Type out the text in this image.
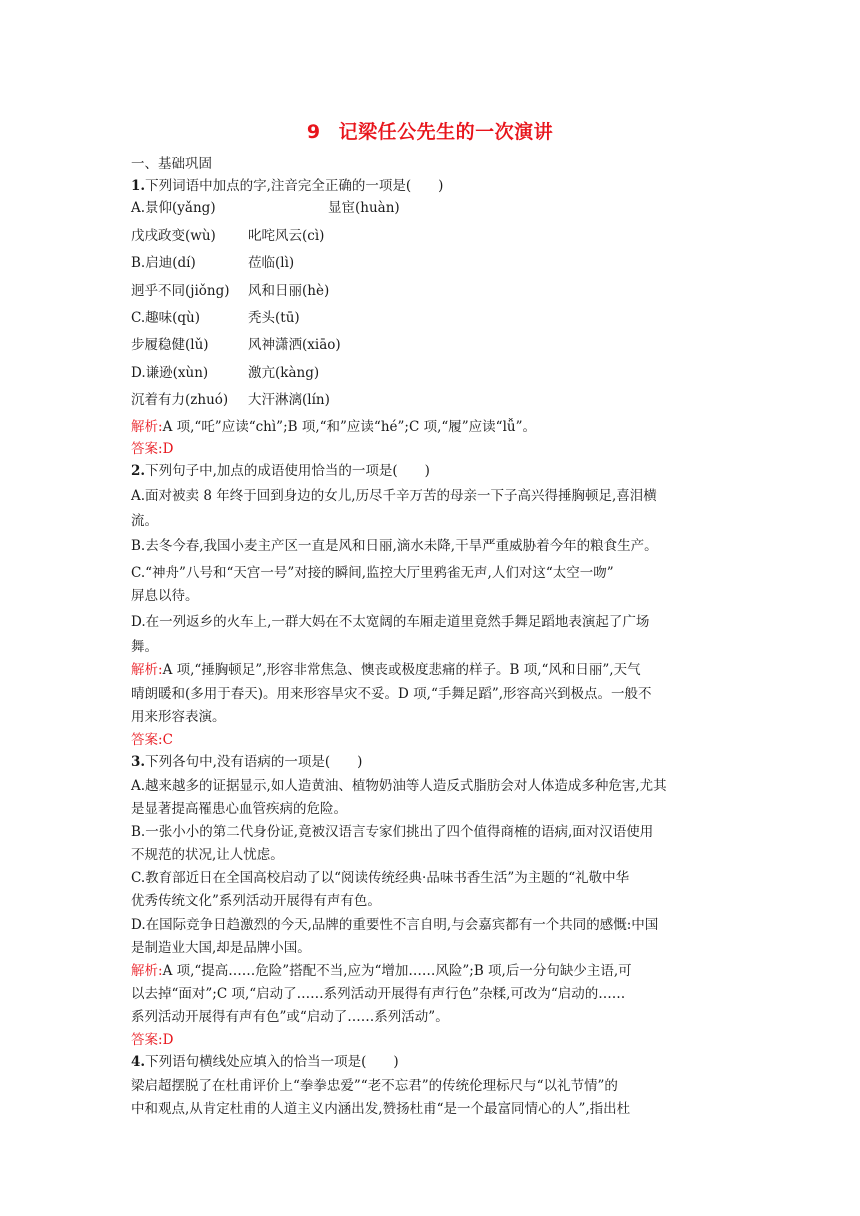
9 记梁任公先生的一次演讲
一、基础巩固
1.下列词语中加点的字,注音完全正确的一项是(　　)
A.景仰(yǎng)	显宦(huàn)
戊戌政变(wù) 叱咤风云(cì)
B.启迪(dí)	莅临(lì)
迥乎不同(jiǒng) 风和日丽(hè)
C.趣味(qù)	秃头(tū)
步履稳健(lǔ)	风神潇洒(xiāo)
D.谦逊(xùn)	激亢(kàng)
沉着有力(zhuó) 大汗淋漓(lín)
解析:A 项,“吒”应读“chì”;B 项,“和”应读“hé”;C 项,“履”应读“lǚ”。
答案:D
2.下列句子中,加点的成语使用恰当的一项是(　　)
A.面对被卖 8 年终于回到身边的女儿,历尽千辛万苦的母亲一下子高兴得捶胸顿足,喜泪横
流。
B.去冬今春,我国小麦主产区一直是风和日丽,滴水未降,干旱严重威胁着今年的粮食生产。
C.“神舟”八号和“天宫一号”对接的瞬间,监控大厅里鸦雀无声,人们对这“太空一吻”
屏息以待。
D.在一列返乡的火车上,一群大妈在不太宽阔的车厢走道里竟然手舞足蹈地表演起了广场
舞。
解析:A 项,“捶胸顿足”,形容非常焦急、懊丧或极度悲痛的样子。B 项,“风和日丽”,天气
晴朗暖和(多用于春天)。用来形容旱灾不妥。D 项,“手舞足蹈”,形容高兴到极点。一般不
用来形容表演。
答案:C
3.下列各句中,没有语病的一项是(　　)
A.越来越多的证据显示,如人造黄油、植物奶油等人造反式脂肪会对人体造成多种危害,尤其
是显著提高罹患心血管疾病的危险。
B.一张小小的第二代身份证,竟被汉语言专家们挑出了四个值得商榷的语病,面对汉语使用
不规范的状况,让人忧虑。
C.教育部近日在全国高校启动了以“阅读传统经典·品味书香生活”为主题的“礼敬中华
优秀传统文化”系列活动开展得有声有色。
D.在国际竞争日趋激烈的今天,品牌的重要性不言自明,与会嘉宾都有一个共同的感慨:中国
是制造业大国,却是品牌小国。
解析:A 项,“提高……危险”搭配不当,应为“增加……风险”;B 项,后一分句缺少主语,可
以去掉“面对”;C 项,“启动了……系列活动开展得有声行色”杂糅,可改为“启动的……
系列活动开展得有声有色”或“启动了……系列活动”。
答案:D
4.下列语句横线处应填入的恰当一项是(　　)
梁启超摆脱了在杜甫评价上“拳拳忠爱”“老不忘君”的传统伦理标尺与“以礼节情”的
中和观点,从肯定杜甫的人道主义内涵出发,赞扬杜甫“是一个最富同情心的人”,指出杜
